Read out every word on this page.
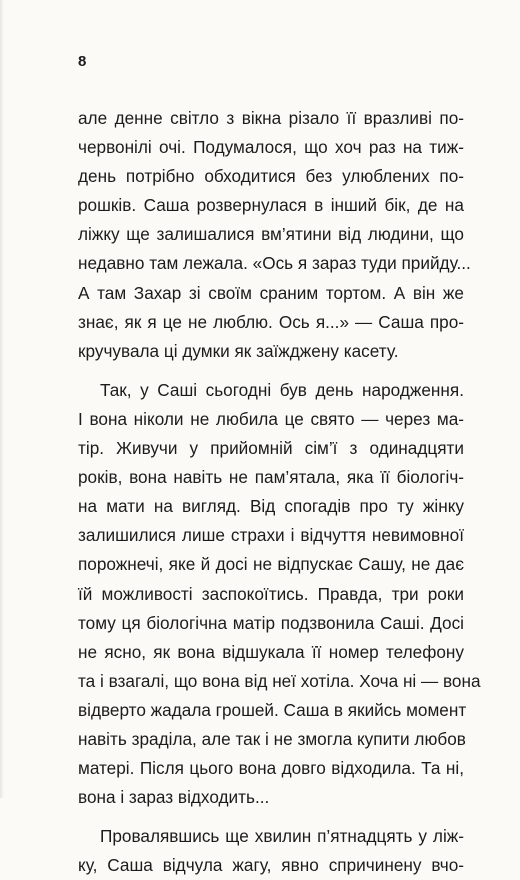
8
але денне світло з вікна різало її вразливі по-
червонілі очі. Подумалося, що хоч раз на тиж-
день потрібно обходитися без улюблених по-
рошків. Саша розвернулася в інший бік, де на
ліжку ще залишалися вм’ятини від людини, що
недавно там лежала. «Ось я зараз туди прийду...
А там Захар зі своїм сраним тортом. А він же
знає, як я це не люблю. Ось я...» — Саша про-
кручувала ці думки як заїжджену касету.
Так, у Саші сьогодні був день народження.
І вона ніколи не любила це свято — через ма-
тір. Живучи у прийомній сім’ї з одинадцяти
років, вона навіть не пам’ятала, яка її біологіч-
на мати на вигляд. Від спогадів про ту жінку
залишилися лише страхи і відчуття невимовної
порожнечі, яке й досі не відпускає Сашу, не дає
їй можливості заспокоїтись. Правда, три роки
тому ця біологічна матір подзвонила Саші. Досі
не ясно, як вона відшукала її номер телефону
та і взагалі, що вона від неї хотіла. Хоча ні — вона
відверто жадала грошей. Саша в якийсь момент
навіть зраділа, але так і не змогла купити любов
матері. Після цього вона довго відходила. Та ні,
вона і зараз відходить...
Провалявшись ще хвилин п’ятнадцять у ліж-
ку, Саша відчула жагу, явно спричинену вчо-
